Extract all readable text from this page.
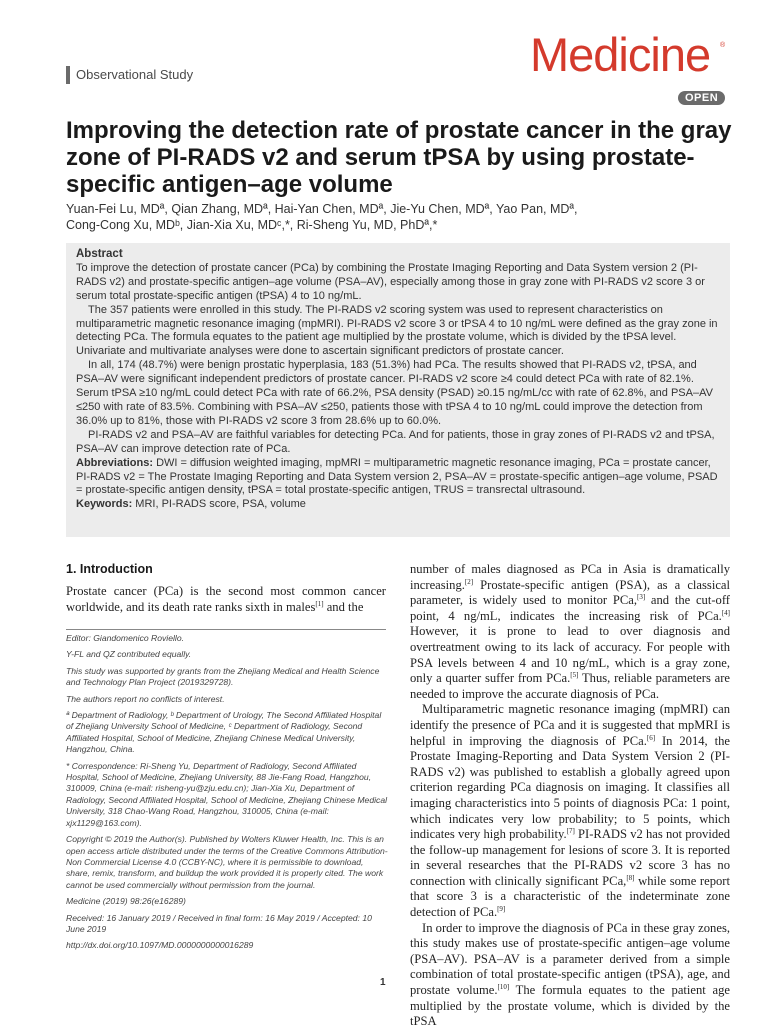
Observational Study	Medicine ®
OPEN
Improving the detection rate of prostate cancer in the gray zone of PI-RADS v2 and serum tPSA by using prostate-specific antigen–age volume
Yuan-Fei Lu, MDª, Qian Zhang, MDª, Hai-Yan Chen, MDª, Jie-Yu Chen, MDª, Yao Pan, MDª,
Cong-Cong Xu, MDᵇ, Jian-Xia Xu, MDᶜ,*, Ri-Sheng Yu, MD, PhDª,*
Abstract

To improve the detection of prostate cancer (PCa) by combining the Prostate Imaging Reporting and Data System version 2 (PI-RADS v2) and prostate-specific antigen–age volume (PSA–AV), especially among those in gray zone with PI-RADS v2 score 3 or serum total prostate-specific antigen (tPSA) 4 to 10 ng/mL.

The 357 patients were enrolled in this study. The PI-RADS v2 scoring system was used to represent characteristics on multiparametric magnetic resonance imaging (mpMRI). PI-RADS v2 score 3 or tPSA 4 to 10 ng/mL were defined as the gray zone in detecting PCa. The formula equates to the patient age multiplied by the prostate volume, which is divided by the tPSA level. Univariate and multivariate analyses were done to ascertain significant predictors of prostate cancer.

In all, 174 (48.7%) were benign prostatic hyperplasia, 183 (51.3%) had PCa. The results showed that PI-RADS v2, tPSA, and PSA–AV were significant independent predictors of prostate cancer. PI-RADS v2 score ≥4 could detect PCa with rate of 82.1%. Serum tPSA ≥10 ng/mL could detect PCa with rate of 66.2%, PSA density (PSAD) ≥0.15 ng/mL/cc with rate of 62.8%, and PSA–AV ≤250 with rate of 83.5%. Combining with PSA–AV ≤250, patients those with tPSA 4 to 10 ng/mL could improve the detection from 36.0% up to 81%, those with PI-RADS v2 score 3 from 28.6% up to 60.0%.

PI-RADS v2 and PSA–AV are faithful variables for detecting PCa. And for patients, those in gray zones of PI-RADS v2 and tPSA, PSA–AV can improve detection rate of PCa.

Abbreviations: DWI = diffusion weighted imaging, mpMRI = multiparametric magnetic resonance imaging, PCa = prostate cancer, PI-RADS v2 = The Prostate Imaging Reporting and Data System version 2, PSA–AV = prostate-specific antigen–age volume, PSAD = prostate-specific antigen density, tPSA = total prostate-specific antigen, TRUS = transrectal ultrasound.

Keywords: MRI, PI-RADS score, PSA, volume

1. Introduction

Prostate cancer (PCa) is the second most common cancer worldwide, and its death rate ranks sixth in males[1] and the

Editor: Giandomenico Roviello.

Y-FL and QZ contributed equally.

This study was supported by grants from the Zhejiang Medical and Health Science and Technology Plan Project (2019329728).

The authors report no conflicts of interest.

ª Department of Radiology, ᵇ Department of Urology, The Second Affiliated Hospital of Zhejiang University School of Medicine, ᶜ Department of Radiology, Second Affiliated Hospital, School of Medicine, Zhejiang Chinese Medical University, Hangzhou, China.

* Correspondence: Ri-Sheng Yu, Department of Radiology, Second Affiliated Hospital, School of Medicine, Zhejiang University, 88 Jie-Fang Road, Hangzhou, 310009, China (e-mail: risheng-yu@zju.edu.cn); Jian-Xia Xu, Department of Radiology, Second Affiliated Hospital, School of Medicine, Zhejiang Chinese Medical University, 318 Chao-Wang Road, Hangzhou, 310005, China (e-mail: xjx1129@163.com).

Copyright © 2019 the Author(s). Published by Wolters Kluwer Health, Inc. This is an open access article distributed under the terms of the Creative Commons Attribution-Non Commercial License 4.0 (CCBY-NC), where it is permissible to download, share, remix, transform, and buildup the work provided it is properly cited. The work cannot be used commercially without permission from the journal.

Medicine (2019) 98:26(e16289)

Received: 16 January 2019 / Received in final form: 16 May 2019 / Accepted: 10 June 2019

http://dx.doi.org/10.1097/MD.0000000000016289

number of males diagnosed as PCa in Asia is dramatically increasing.[2] Prostate-specific antigen (PSA), as a classical parameter, is widely used to monitor PCa,[3] and the cut-off point, 4 ng/mL, indicates the increasing risk of PCa.[4] However, it is prone to lead to over diagnosis and overtreatment owing to its lack of accuracy. For people with PSA levels between 4 and 10 ng/mL, which is a gray zone, only a quarter suffer from PCa.[5] Thus, reliable parameters are needed to improve the accurate diagnosis of PCa.

Multiparametric magnetic resonance imaging (mpMRI) can identify the presence of PCa and it is suggested that mpMRI is helpful in improving the diagnosis of PCa.[6] In 2014, the Prostate Imaging-Reporting and Data System Version 2 (PI-RADS v2) was published to establish a globally agreed upon criterion regarding PCa diagnosis on imaging. It classifies all imaging characteristics into 5 points of diagnosis PCa: 1 point, which indicates very low probability; to 5 points, which indicates very high probability.[7] PI-RADS v2 has not provided the follow-up management for lesions of score 3. It is reported in several researches that the PI-RADS v2 score 3 has no connection with clinically significant PCa,[8] while some report that score 3 is a characteristic of the indeterminate zone detection of PCa.[9]

In order to improve the diagnosis of PCa in these gray zones, this study makes use of prostate-specific antigen–age volume (PSA–AV). PSA–AV is a parameter derived from a simple combination of total prostate-specific antigen (tPSA), age, and prostate volume.[10] The formula equates to the patient age multiplied by the prostate volume, which is divided by the tPSA

1
